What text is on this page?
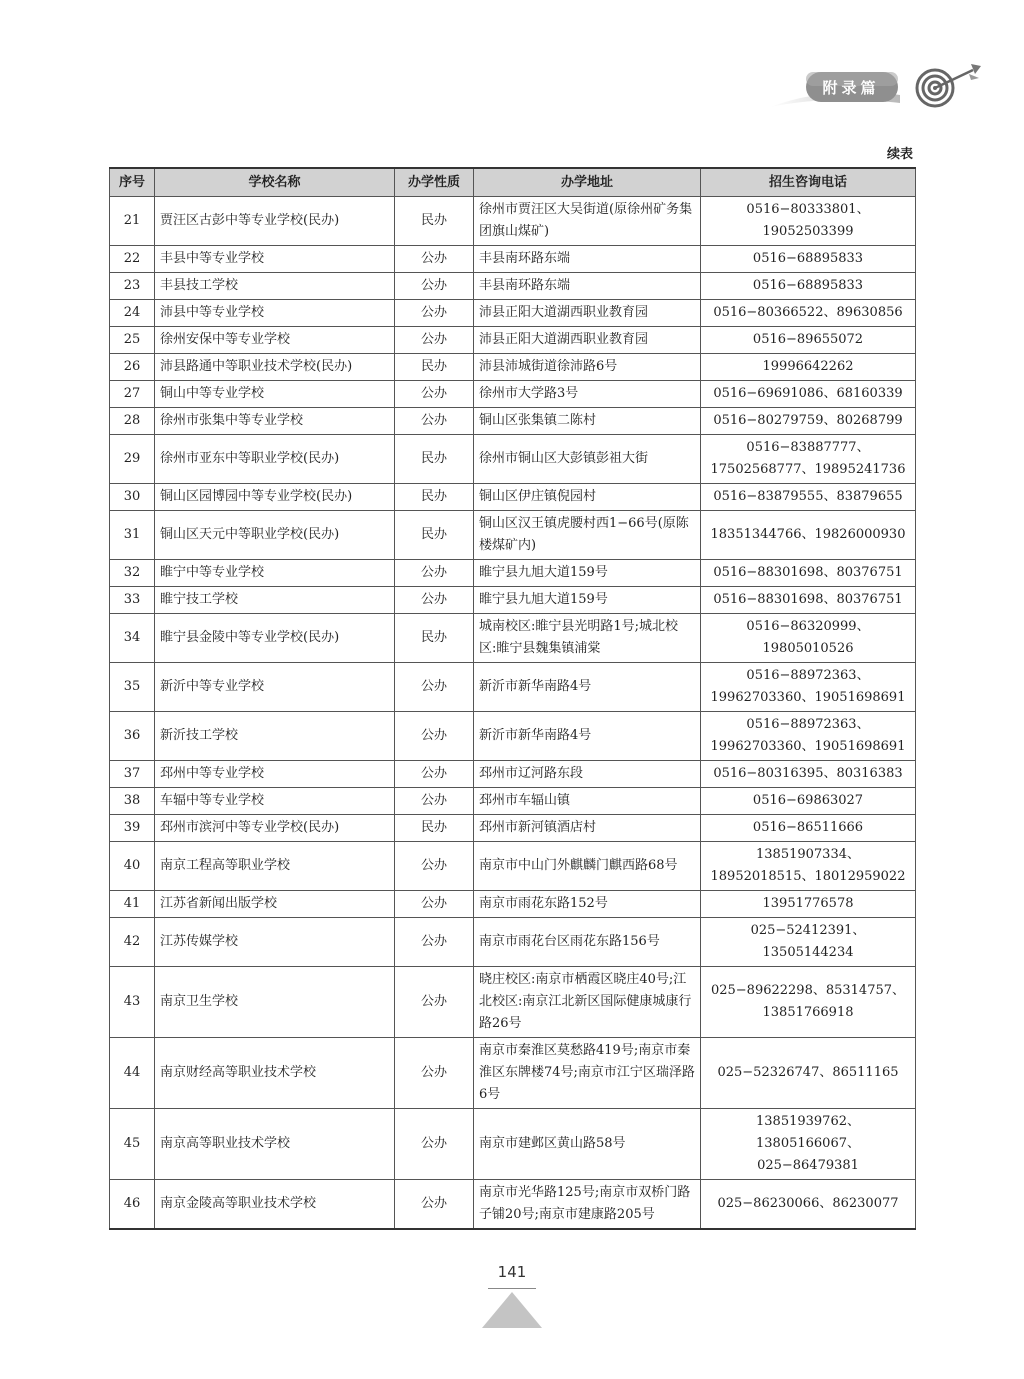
附录篇
续表
序号	学校名称	办学性质	办学地址	招生咨询电话
21	贾汪区古彭中等专业学校(民办)	民办	徐州市贾汪区大吴街道(原徐州矿务集团旗山煤矿)	0516−80333801、19052503399
22	丰县中等专业学校	公办	丰县南环路东端	0516−68895833
23	丰县技工学校	公办	丰县南环路东端	0516−68895833
24	沛县中等专业学校	公办	沛县正阳大道湖西职业教育园	0516−80366522、89630856
25	徐州安保中等专业学校	公办	沛县正阳大道湖西职业教育园	0516−89655072
26	沛县路通中等职业技术学校(民办)	民办	沛县沛城街道徐沛路6号	19996642262
27	铜山中等专业学校	公办	徐州市大学路3号	0516−69691086、68160339
28	徐州市张集中等专业学校	公办	铜山区张集镇二陈村	0516−80279759、80268799
29	徐州市亚东中等职业学校(民办)	民办	徐州市铜山区大彭镇彭祖大街	0516−83887777、17502568777、19895241736
30	铜山区园博园中等专业学校(民办)	民办	铜山区伊庄镇倪园村	0516−83879555、83879655
31	铜山区天元中等职业学校(民办)	民办	铜山区汉王镇虎腰村西1−66号(原陈楼煤矿内)	18351344766、19826000930
32	睢宁中等专业学校	公办	睢宁县九旭大道159号	0516−88301698、80376751
33	睢宁技工学校	公办	睢宁县九旭大道159号	0516−88301698、80376751
34	睢宁县金陵中等专业学校(民办)	民办	城南校区:睢宁县光明路1号;城北校区:睢宁县魏集镇浦棠	0516−86320999、19805010526
35	新沂中等专业学校	公办	新沂市新华南路4号	0516−88972363、19962703360、19051698691
36	新沂技工学校	公办	新沂市新华南路4号	0516−88972363、19962703360、19051698691
37	邳州中等专业学校	公办	邳州市辽河路东段	0516−80316395、80316383
38	车辐中等专业学校	公办	邳州市车辐山镇	0516−69863027
39	邳州市滨河中等专业学校(民办)	民办	邳州市新河镇酒店村	0516−86511666
40	南京工程高等职业学校	公办	南京市中山门外麒麟门麒西路68号	13851907334、18952018515、18012959022
41	江苏省新闻出版学校	公办	南京市雨花东路152号	13951776578
42	江苏传媒学校	公办	南京市雨花台区雨花东路156号	025−52412391、13505144234
43	南京卫生学校	公办	晓庄校区:南京市栖霞区晓庄40号;江北校区:南京江北新区国际健康城康行路26号	025−89622298、85314757、13851766918
44	南京财经高等职业技术学校	公办	南京市秦淮区莫愁路419号;南京市秦淮区东牌楼74号;南京市江宁区瑞泽路6号	025−52326747、86511165
45	南京高等职业技术学校	公办	南京市建邺区黄山路58号	13851939762、13805166067、025−86479381
46	南京金陵高等职业技术学校	公办	南京市光华路125号;南京市双桥门路子铺20号;南京市建康路205号	025−86230066、86230077
141
